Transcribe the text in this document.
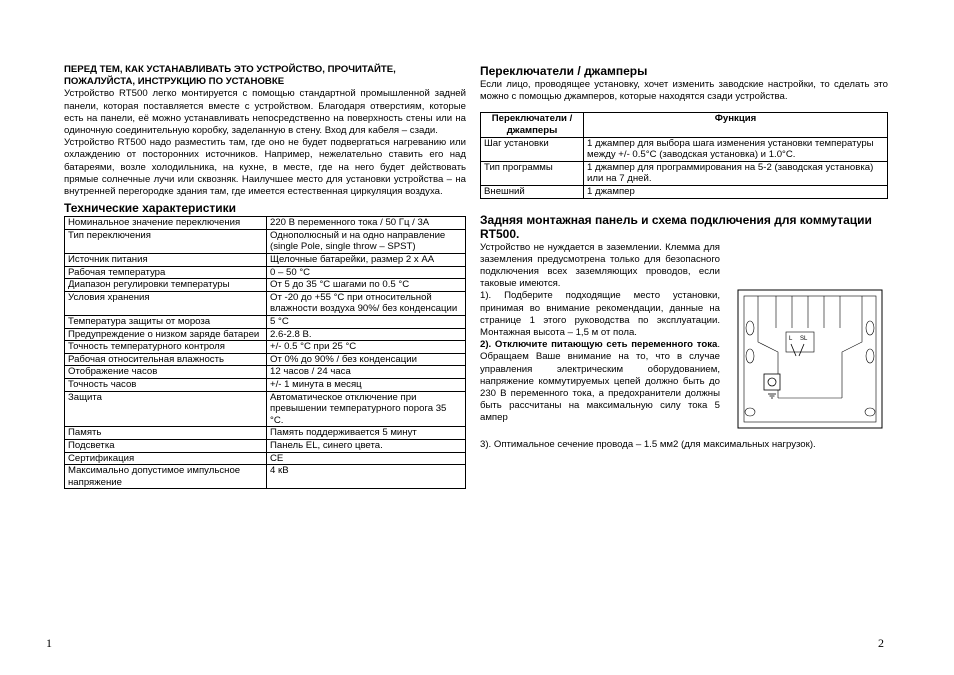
ПЕРЕД ТЕМ, КАК УСТАНАВЛИВАТЬ ЭТО УСТРОЙСТВО, ПРОЧИТАЙТЕ, ПОЖАЛУЙСТА, ИНСТРУКЦИЮ ПО УСТАНОВКЕ

Устройство RT500 легко монтируется с помощью стандартной промышленной задней панели, которая поставляется вместе с устройством. Благодаря отверстиям, которые есть на панели, её можно устанавливать непосредственно на поверхность стены или на одиночную соединительную коробку, заделанную в стену. Вход для кабеля – сзади.

Устройство RT500 надо разместить там, где оно не будет подвергаться нагреванию или охлаждению от посторонних источников. Например, нежелательно ставить его над батареями, возле холодильника, на кухне, в месте, где на него будет действовать прямые солнечные лучи или сквозняк. Наилучшее место для установки устройства – на внутренней перегородке здания там, где имеется естественная циркуляция воздуха.

Технические характеристики
Номинальное значение переключения	220 В переменного тока / 50 Гц / 3А
Тип переключения	Однополюсный и на одно направление (single Pole, single throw – SPST)
Источник питания	Щелочные батарейки, размер 2 х АА
Рабочая температура	0 – 50 °C
Диапазон регулировки температуры	От 5 до 35 °C шагами по 0.5 °C
Условия хранения	От -20 до +55 °C при относительной влажности воздуха 90%/ без конденсации
Температура защиты от мороза	5 °C
Предупреждение о низком заряде батареи	2.6-2.8 В.
Точность температурного контроля	+/- 0.5 °C при 25 °C
Рабочая относительная влажность	От 0% до 90% / без конденсации
Отображение часов	12 часов / 24 часа
Точность часов	+/- 1 минута в месяц
Защита	Автоматическое отключение при превышении температурного порога 35 °C.
Память	Память поддерживается 5 минут
Подсветка	Панель EL, синего цвета.
Сертификация	CE
Максимально допустимое импульсное напряжение	4 кВ
Переключатели / джамперы

Если лицо, проводящее установку, хочет изменить заводские настройки, то сделать это можно с помощью джамперов, которые находятся сзади устройства.

Переключатели / джамперы	Функция
Шаг установки	1 джампер для выбора шага изменения установки температуры между +/- 0.5°C (заводская установка) и 1.0°C.
Тип программы	1 джампер для программирования на 5-2 (заводская установка) или на 7 дней.
Внешний	1 джампер
Задняя монтажная панель и схема подключения для коммутации RT500.

Устройство не нуждается в заземлении. Клемма для заземления предусмотрена только для безопасного подключения всех заземляющих проводов, если таковые имеются.

1). Подберите подходящие место установки, принимая во внимание рекомендации, данные на странице 1 этого руководства по эксплуатации. Монтажная высота – 1,5 м от пола.

2). Отключите питающую сеть переменного тока. Обращаем Ваше внимание на то, что в случае управления электрическим оборудованием, напряжение коммутируемых цепей должно быть до 230 В переменного тока, а предохранители должны быть рассчитаны на максимальную силу тока 5 ампер

3). Оптимальное сечение провода – 1.5 мм2 (для максимальных нагрузок).

L SL
1	2
